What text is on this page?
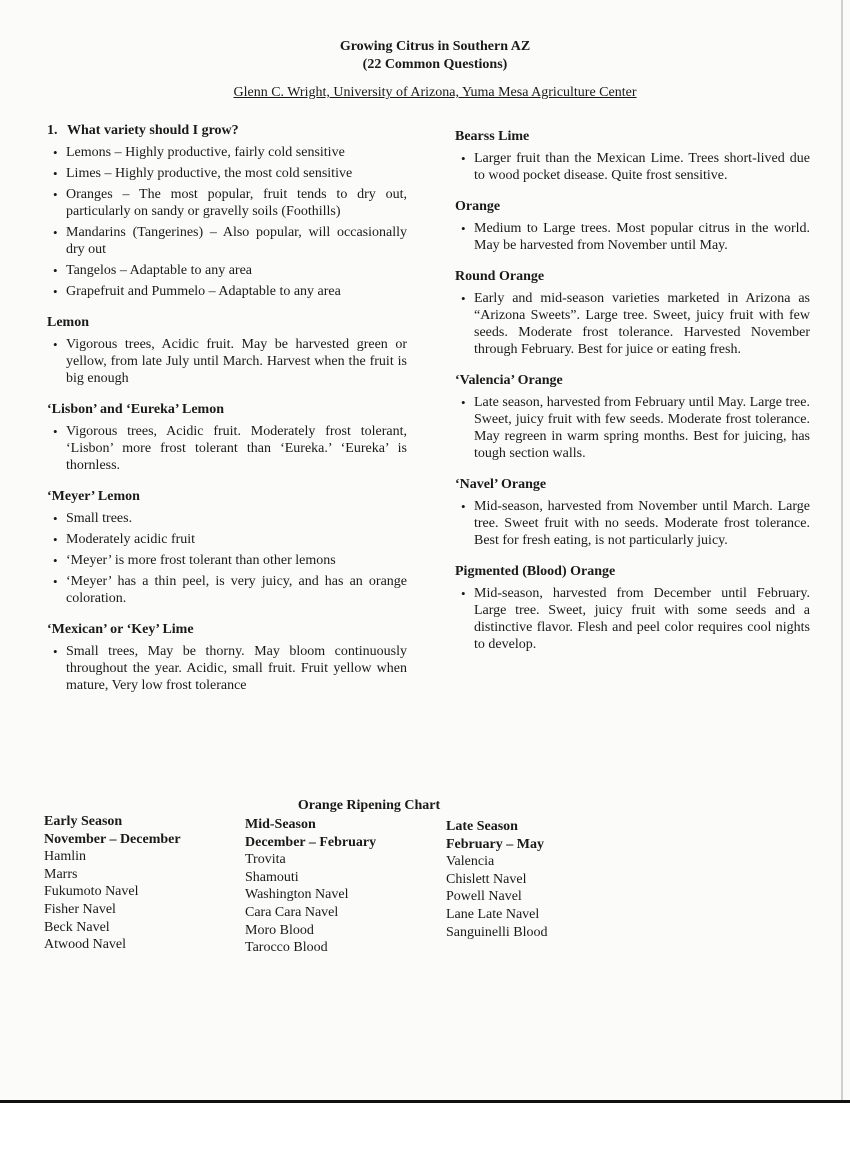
Growing Citrus in Southern AZ
(22 Common Questions)
Glenn C. Wright, University of Arizona, Yuma Mesa Agriculture Center
1. What variety should I grow?
• Lemons – Highly productive, fairly cold sensitive
• Limes – Highly productive, the most cold sensitive
• Oranges – The most popular, fruit tends to dry out, particularly on sandy or gravelly soils (Foothills)
• Mandarins (Tangerines) – Also popular, will occasionally dry out
• Tangelos – Adaptable to any area
• Grapefruit and Pummelo – Adaptable to any area
Lemon
• Vigorous trees, Acidic fruit. May be harvested green or yellow, from late July until March. Harvest when the fruit is big enough
‘Lisbon’ and ‘Eureka’ Lemon
• Vigorous trees, Acidic fruit. Moderately frost tolerant, ‘Lisbon’ more frost tolerant than ‘Eureka.’ ‘Eureka’ is thornless.
‘Meyer’ Lemon
• Small trees.
• Moderately acidic fruit
• ‘Meyer’ is more frost tolerant than other lemons
• ‘Meyer’ has a thin peel, is very juicy, and has an orange coloration.
‘Mexican’ or ‘Key’ Lime
• Small trees, May be thorny. May bloom continuously throughout the year. Acidic, small fruit. Fruit yellow when mature, Very low frost tolerance
Bearss Lime
• Larger fruit than the Mexican Lime. Trees short-lived due to wood pocket disease. Quite frost sensitive.
Orange
• Medium to Large trees. Most popular citrus in the world. May be harvested from November until May.
Round Orange
• Early and mid-season varieties marketed in Arizona as “Arizona Sweets”. Large tree. Sweet, juicy fruit with few seeds. Moderate frost tolerance. Harvested November through February. Best for juice or eating fresh.
‘Valencia’ Orange
• Late season, harvested from February until May. Large tree. Sweet, juicy fruit with few seeds. Moderate frost tolerance. May regreen in warm spring months. Best for juicing, has tough section walls.
‘Navel’ Orange
• Mid-season, harvested from November until March. Large tree. Sweet fruit with no seeds. Moderate frost tolerance. Best for fresh eating, is not particularly juicy.
Pigmented (Blood) Orange
• Mid-season, harvested from December until February. Large tree. Sweet, juicy fruit with some seeds and a distinctive flavor. Flesh and peel color requires cool nights to develop.
Orange Ripening Chart
Early Season
November – December
Hamlin
Marrs
Fukumoto Navel
Fisher Navel
Beck Navel
Atwood Navel
Mid-Season
December – February
Trovita
Shamouti
Washington Navel
Cara Cara Navel
Moro Blood
Tarocco Blood
Late Season
February – May
Valencia
Chislett Navel
Powell Navel
Lane Late Navel
Sanguinelli Blood
